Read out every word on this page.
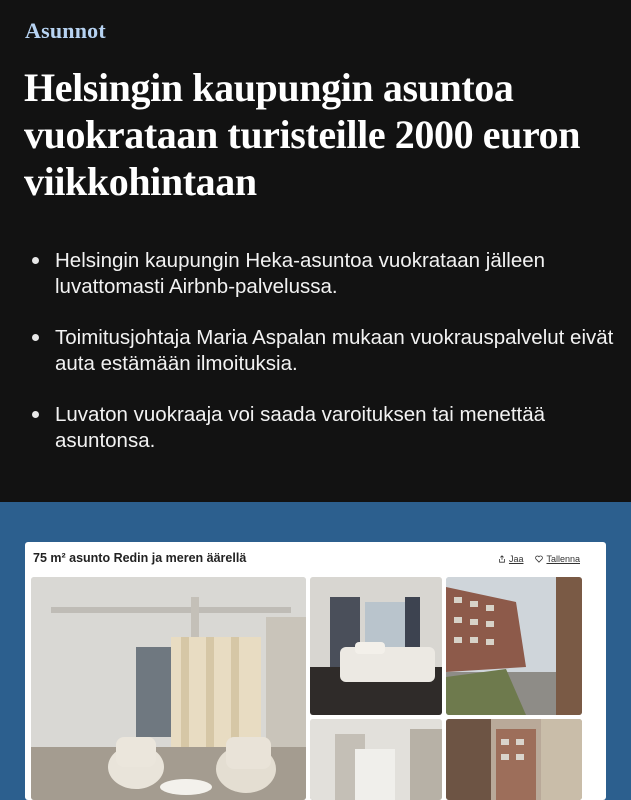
Asunnot
Helsingin kaupungin asuntoa vuokrataan turisteille 2000 euron viikkohintaan
Helsingin kaupungin Heka-asuntoa vuokrataan jälleen luvattomasti Airbnb-palvelussa.
Toimitusjohtaja Maria Aspalan mukaan vuokrauspalvelut eivät auta estämään ilmoituksia.
Luvaton vuokraaja voi saada varoituksen tai menettää asuntonsa.
75 m² asunto Redin ja meren äärellä	Jaa	Tallenna
